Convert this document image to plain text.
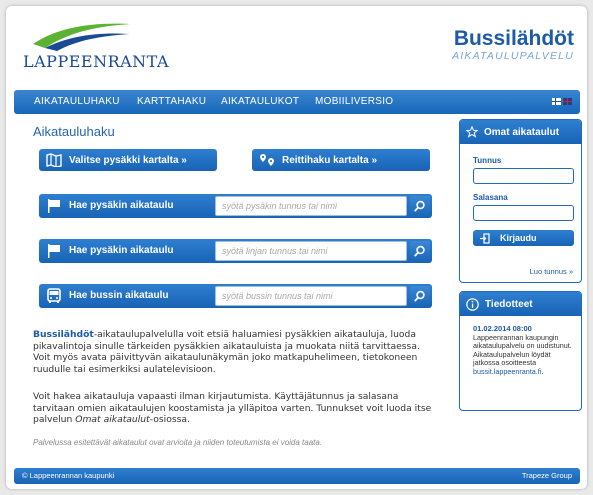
LAPPEENRANTA
Bussilähdöt
AIKATAULUPALVELU
AIKATAULUHAKU KARTTAHAKU AIKATAULUKOT MOBIILIVERSIO
Aikatauluhaku
Valitse pysäkki kartalta »	Reittihaku kartalta »
Hae pysäkin aikataulu
syötä pysäkin tunnus tai nimi
Hae pysäkin aikataulu
syötä linjan tunnus tai nimi
Hae bussin aikataulu
syötä bussin tunnus tai nimi
Bussilähdöt-aikataulupalvelulla voit etsiä haluamiesi pysäkkien aikatauluja, luoda pikavalintoja sinulle tärkeiden pysäkkien aikatauluista ja muokata niitä tarvittaessa. Voit myös avata päivittyvän aikataulunäkymän joko matkapuhelimeen, tietokoneen ruudulle tai esimerkiksi aulatelevisioon.
Voit hakea aikatauluja vapaasti ilman kirjautumista. Käyttäjätunnus ja salasana tarvitaan omien aikataulujen koostamista ja ylläpitoa varten. Tunnukset voit luoda itse palvelun Omat aikataulut-osiossa.
Palvelussa esitettävät aikataulut ovat arvioita ja niiden toteutumista ei voida taata.
Omat aikataulut
Tunnus
Salasana
Kirjaudu
Luo tunnus »
Tiedotteet
01.02.2014 08:00
Lappeenrannan kaupungin aikataulupalvelu on uudistunut. Aikataulupalvelun löydät jatkossa osoitteesta
bussit.lappeenranta.fi.
© Lappeenrannan kaupunki	Trapeze Group
